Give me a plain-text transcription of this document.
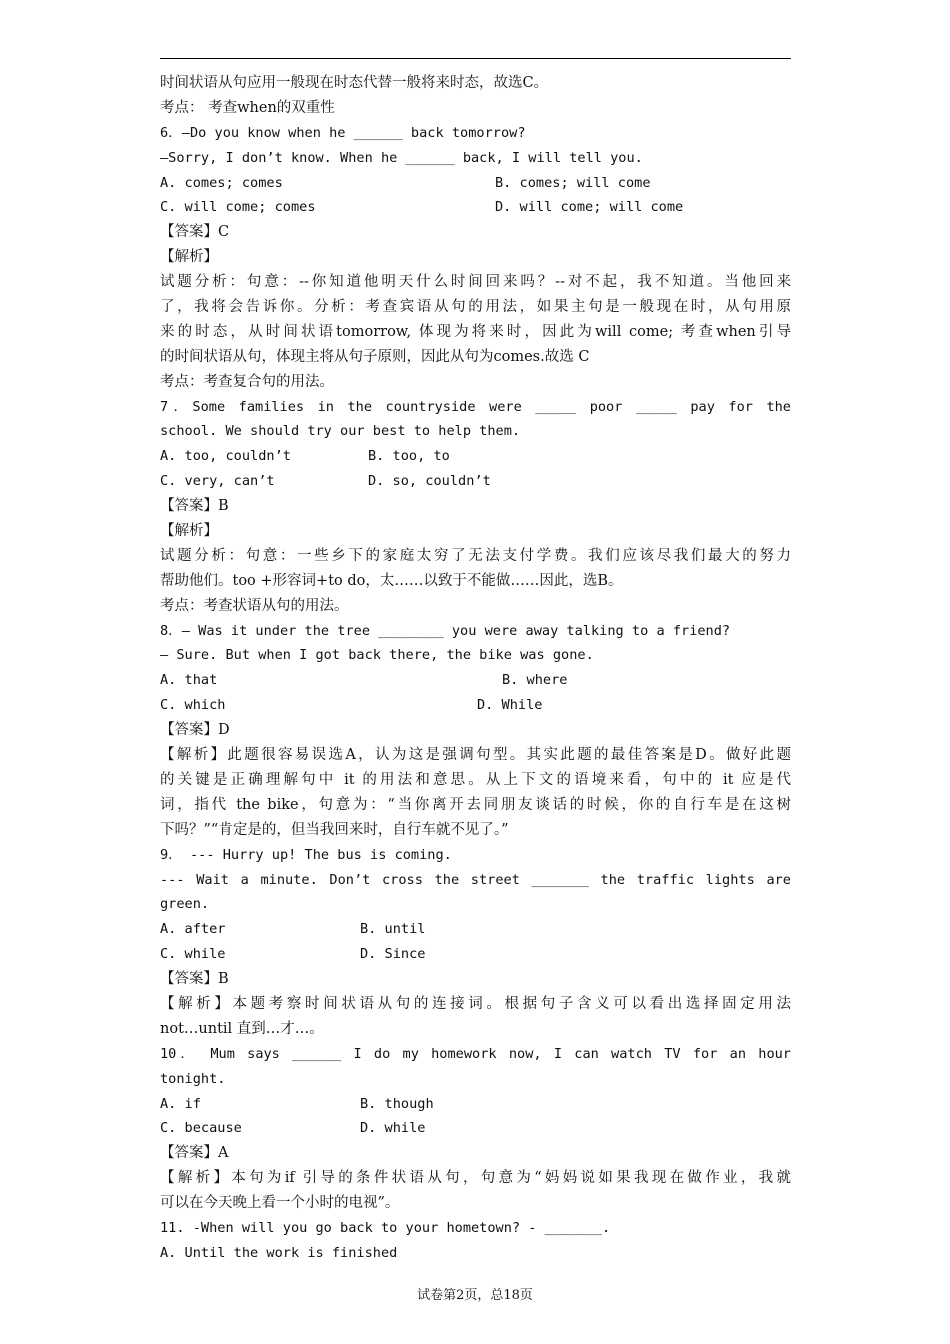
时间状语从句应用一般现在时态代替一般将来时态，故选C。
考点： 考查when的双重性
6．—Do you know when he ______ back tomorrow?
—Sorry, I don’t know. When he ______ back, I will tell you.
A. comes; comes	B. comes; will come
C. will come; comes	D. will come; will come
【答案】C
【解析】
试题分析：句意：--你知道他明天什么时间回来吗？--对不起，我不知道。当他回来
了，我将会告诉你。分析：考查宾语从句的用法，如果主句是一般现在时，从句用原
来的时态，从时间状语tomorrow, 体现为将来时，因此为will come; 考查when引导
的时间状语从句，体现主将从句子原则，因此从句为comes.故选 C
考点：考查复合句的用法。
7．Some families in the countryside were _____ poor _____ pay for the
school. We should try our best to help them.
A. too, couldn’t	B. too, to
C. very, can’t	D. so, couldn’t
【答案】B
【解析】
试题分析：句意：一些乡下的家庭太穷了无法支付学费。我们应该尽我们最大的努力
帮助他们。too +形容词+to do，太……以致于不能做……因此，选B。
考点：考查状语从句的用法。
8．— Was it under the tree ________ you were away talking to a friend?
— Sure. But when I got back there, the bike was gone.
A. that	B. where
C. which	D. While
【答案】D
【解析】此题很容易误选A，认为这是强调句型。其实此题的最佳答案是D。做好此题
的关键是正确理解句中 it 的用法和意思。从上下文的语境来看，句中的 it 应是代
词，指代 the bike，句意为：“当你离开去同朋友谈话的时候，你的自行车是在这树
下吗？”“肯定是的，但当我回来时，自行车就不见了。”
9． --- Hurry up! The bus is coming.
--- Wait a minute. Don’t cross the street _______ the traffic lights are
green.
A. after	B. until
C. while	D. Since
【答案】B
【解析】本题考察时间状语从句的连接词。根据句子含义可以看出选择固定用法
not…until 直到…才…。
10． Mum says ______ I do my homework now, I can watch TV for an hour
tonight.
A. if	B. though
C. because	D. while
【答案】A
【解析】本句为if 引导的条件状语从句，句意为“妈妈说如果我现在做作业，我就
可以在今天晚上看一个小时的电视”。
11. -When will you go back to your hometown? - _______.
A. Until the work is finished
试卷第2页，总18页
